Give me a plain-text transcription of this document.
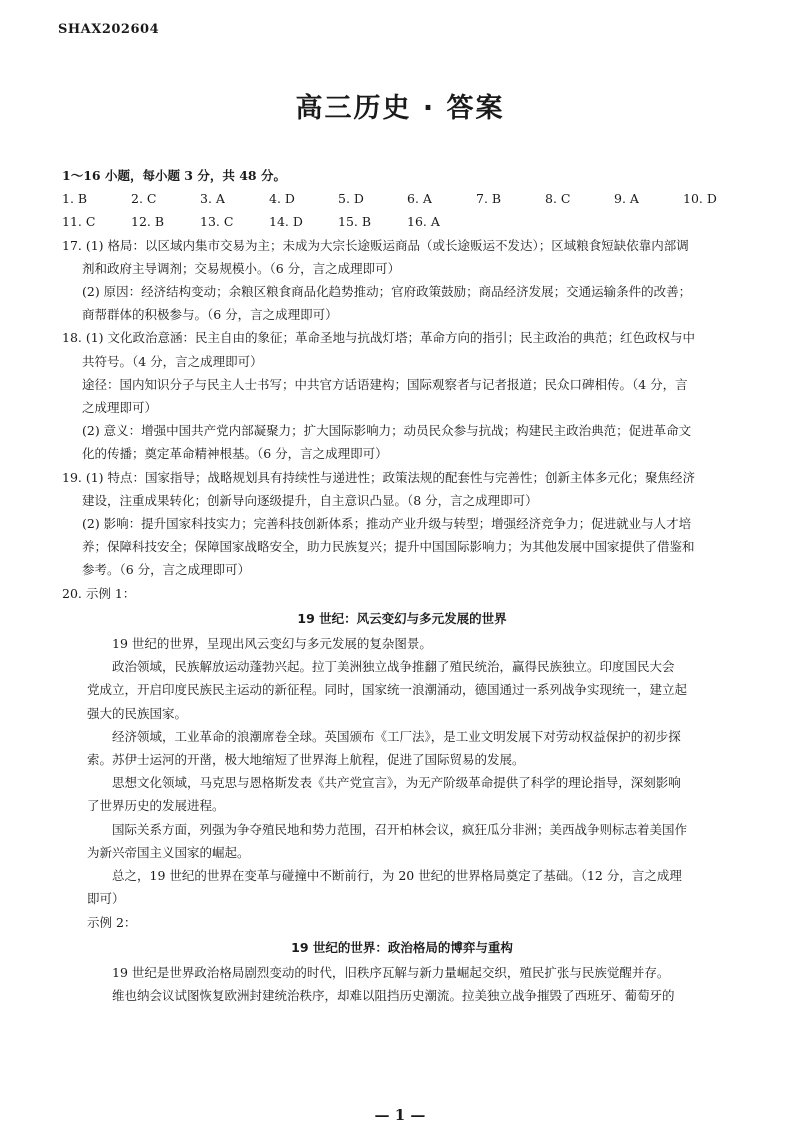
SHAX202604
高三历史 · 答案

1～16 小题，每小题 3 分，共 48 分。

1. B	2. C	3. A	4. D	5. D	6. A	7. B	8. C	9. A	10. D
11. C	12. B	13. C	14. D	15. B	16. A

17. (1) 格局：以区域内集市交易为主；未成为大宗长途贩运商品（或长途贩运不发达）；区域粮食短缺依靠内部调

剂和政府主导调剂；交易规模小。（6 分，言之成理即可）

(2) 原因：经济结构变动；余粮区粮食商品化趋势推动；官府政策鼓励；商品经济发展；交通运输条件的改善；

商帮群体的积极参与。（6 分，言之成理即可）

18. (1) 文化政治意涵：民主自由的象征；革命圣地与抗战灯塔；革命方向的指引；民主政治的典范；红色政权与中

共符号。（4 分，言之成理即可）

途径：国内知识分子与民主人士书写；中共官方话语建构；国际观察者与记者报道；民众口碑相传。（4 分，言

之成理即可）

(2) 意义：增强中国共产党内部凝聚力；扩大国际影响力；动员民众参与抗战；构建民主政治典范；促进革命文

化的传播；奠定革命精神根基。（6 分，言之成理即可）

19. (1) 特点：国家指导；战略规划具有持续性与递进性；政策法规的配套性与完善性；创新主体多元化；聚焦经济

建设，注重成果转化；创新导向逐级提升，自主意识凸显。（8 分，言之成理即可）

(2) 影响：提升国家科技实力；完善科技创新体系；推动产业升级与转型；增强经济竞争力；促进就业与人才培

养；保障科技安全；保障国家战略安全，助力民族复兴；提升中国国际影响力；为其他发展中国家提供了借鉴和

参考。（6 分，言之成理即可）

20. 示例 1：

19 世纪：风云变幻与多元发展的世界

19 世纪的世界，呈现出风云变幻与多元发展的复杂图景。

政治领域，民族解放运动蓬勃兴起。拉丁美洲独立战争推翻了殖民统治，赢得民族独立。印度国民大会

党成立，开启印度民族民主运动的新征程。同时，国家统一浪潮涌动，德国通过一系列战争实现统一，建立起

强大的民族国家。

经济领域，工业革命的浪潮席卷全球。英国颁布《工厂法》，是工业文明发展下对劳动权益保护的初步探

索。苏伊士运河的开凿，极大地缩短了世界海上航程，促进了国际贸易的发展。

思想文化领域，马克思与恩格斯发表《共产党宣言》，为无产阶级革命提供了科学的理论指导，深刻影响

了世界历史的发展进程。

国际关系方面，列强为争夺殖民地和势力范围，召开柏林会议，疯狂瓜分非洲；美西战争则标志着美国作

为新兴帝国主义国家的崛起。

总之，19 世纪的世界在变革与碰撞中不断前行，为 20 世纪的世界格局奠定了基础。（12 分，言之成理

即可）

示例 2：

19 世纪的世界：政治格局的博弈与重构

19 世纪是世界政治格局剧烈变动的时代，旧秩序瓦解与新力量崛起交织，殖民扩张与民族觉醒并存。

维也纳会议试图恢复欧洲封建统治秩序，却难以阻挡历史潮流。拉美独立战争摧毁了西班牙、葡萄牙的

— 1 —
